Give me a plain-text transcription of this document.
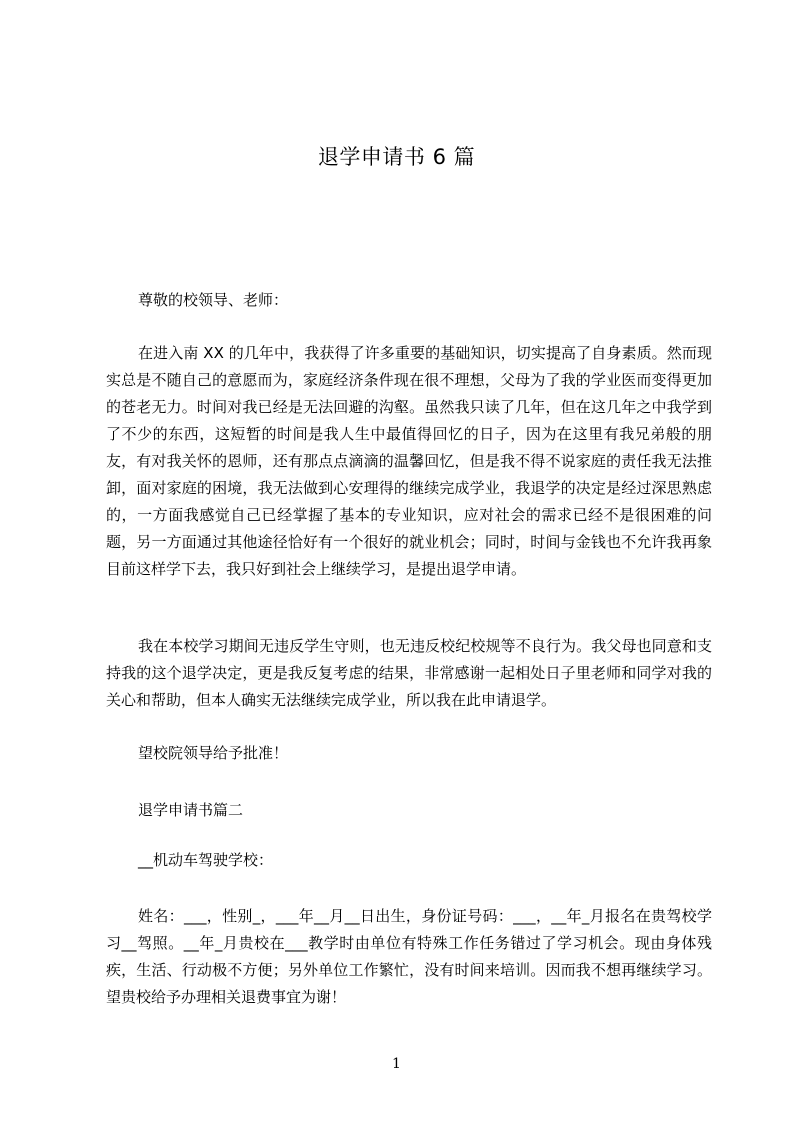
退学申请书 6 篇
尊敬的校领导、老师：
在进入南 XX 的几年中，我获得了许多重要的基础知识，切实提高了自身素质。然而现实总是不随自己的意愿而为，家庭经济条件现在很不理想，父母为了我的学业医而变得更加的苍老无力。时间对我已经是无法回避的沟壑。虽然我只读了几年，但在这几年之中我学到了不少的东西，这短暂的时间是我人生中最值得回忆的日子，因为在这里有我兄弟般的朋友，有对我关怀的恩师，还有那点点滴滴的温馨回忆，但是我不得不说家庭的责任我无法推卸，面对家庭的困境，我无法做到心安理得的继续完成学业，我退学的决定是经过深思熟虑的，一方面我感觉自己已经掌握了基本的专业知识，应对社会的需求已经不是很困难的问题，另一方面通过其他途径恰好有一个很好的就业机会；同时，时间与金钱也不允许我再象目前这样学下去，我只好到社会上继续学习，是提出退学申请。
我在本校学习期间无违反学生守则，也无违反校纪校规等不良行为。我父母也同意和支持我的这个退学决定，更是我反复考虑的结果，非常感谢一起相处日子里老师和同学对我的关心和帮助，但本人确实无法继续完成学业，所以我在此申请退学。
望校院领导给予批准！
退学申请书篇二
__机动车驾驶学校：
姓名：___，性别_，___年__月__日出生，身份证号码：___，__年_月报名在贵驾校学习__驾照。__年_月贵校在___教学时由单位有特殊工作任务错过了学习机会。现由身体残疾，生活、行动极不方便；另外单位工作繁忙，没有时间来培训。因而我不想再继续学习。望贵校给予办理相关退费事宜为谢！
1
